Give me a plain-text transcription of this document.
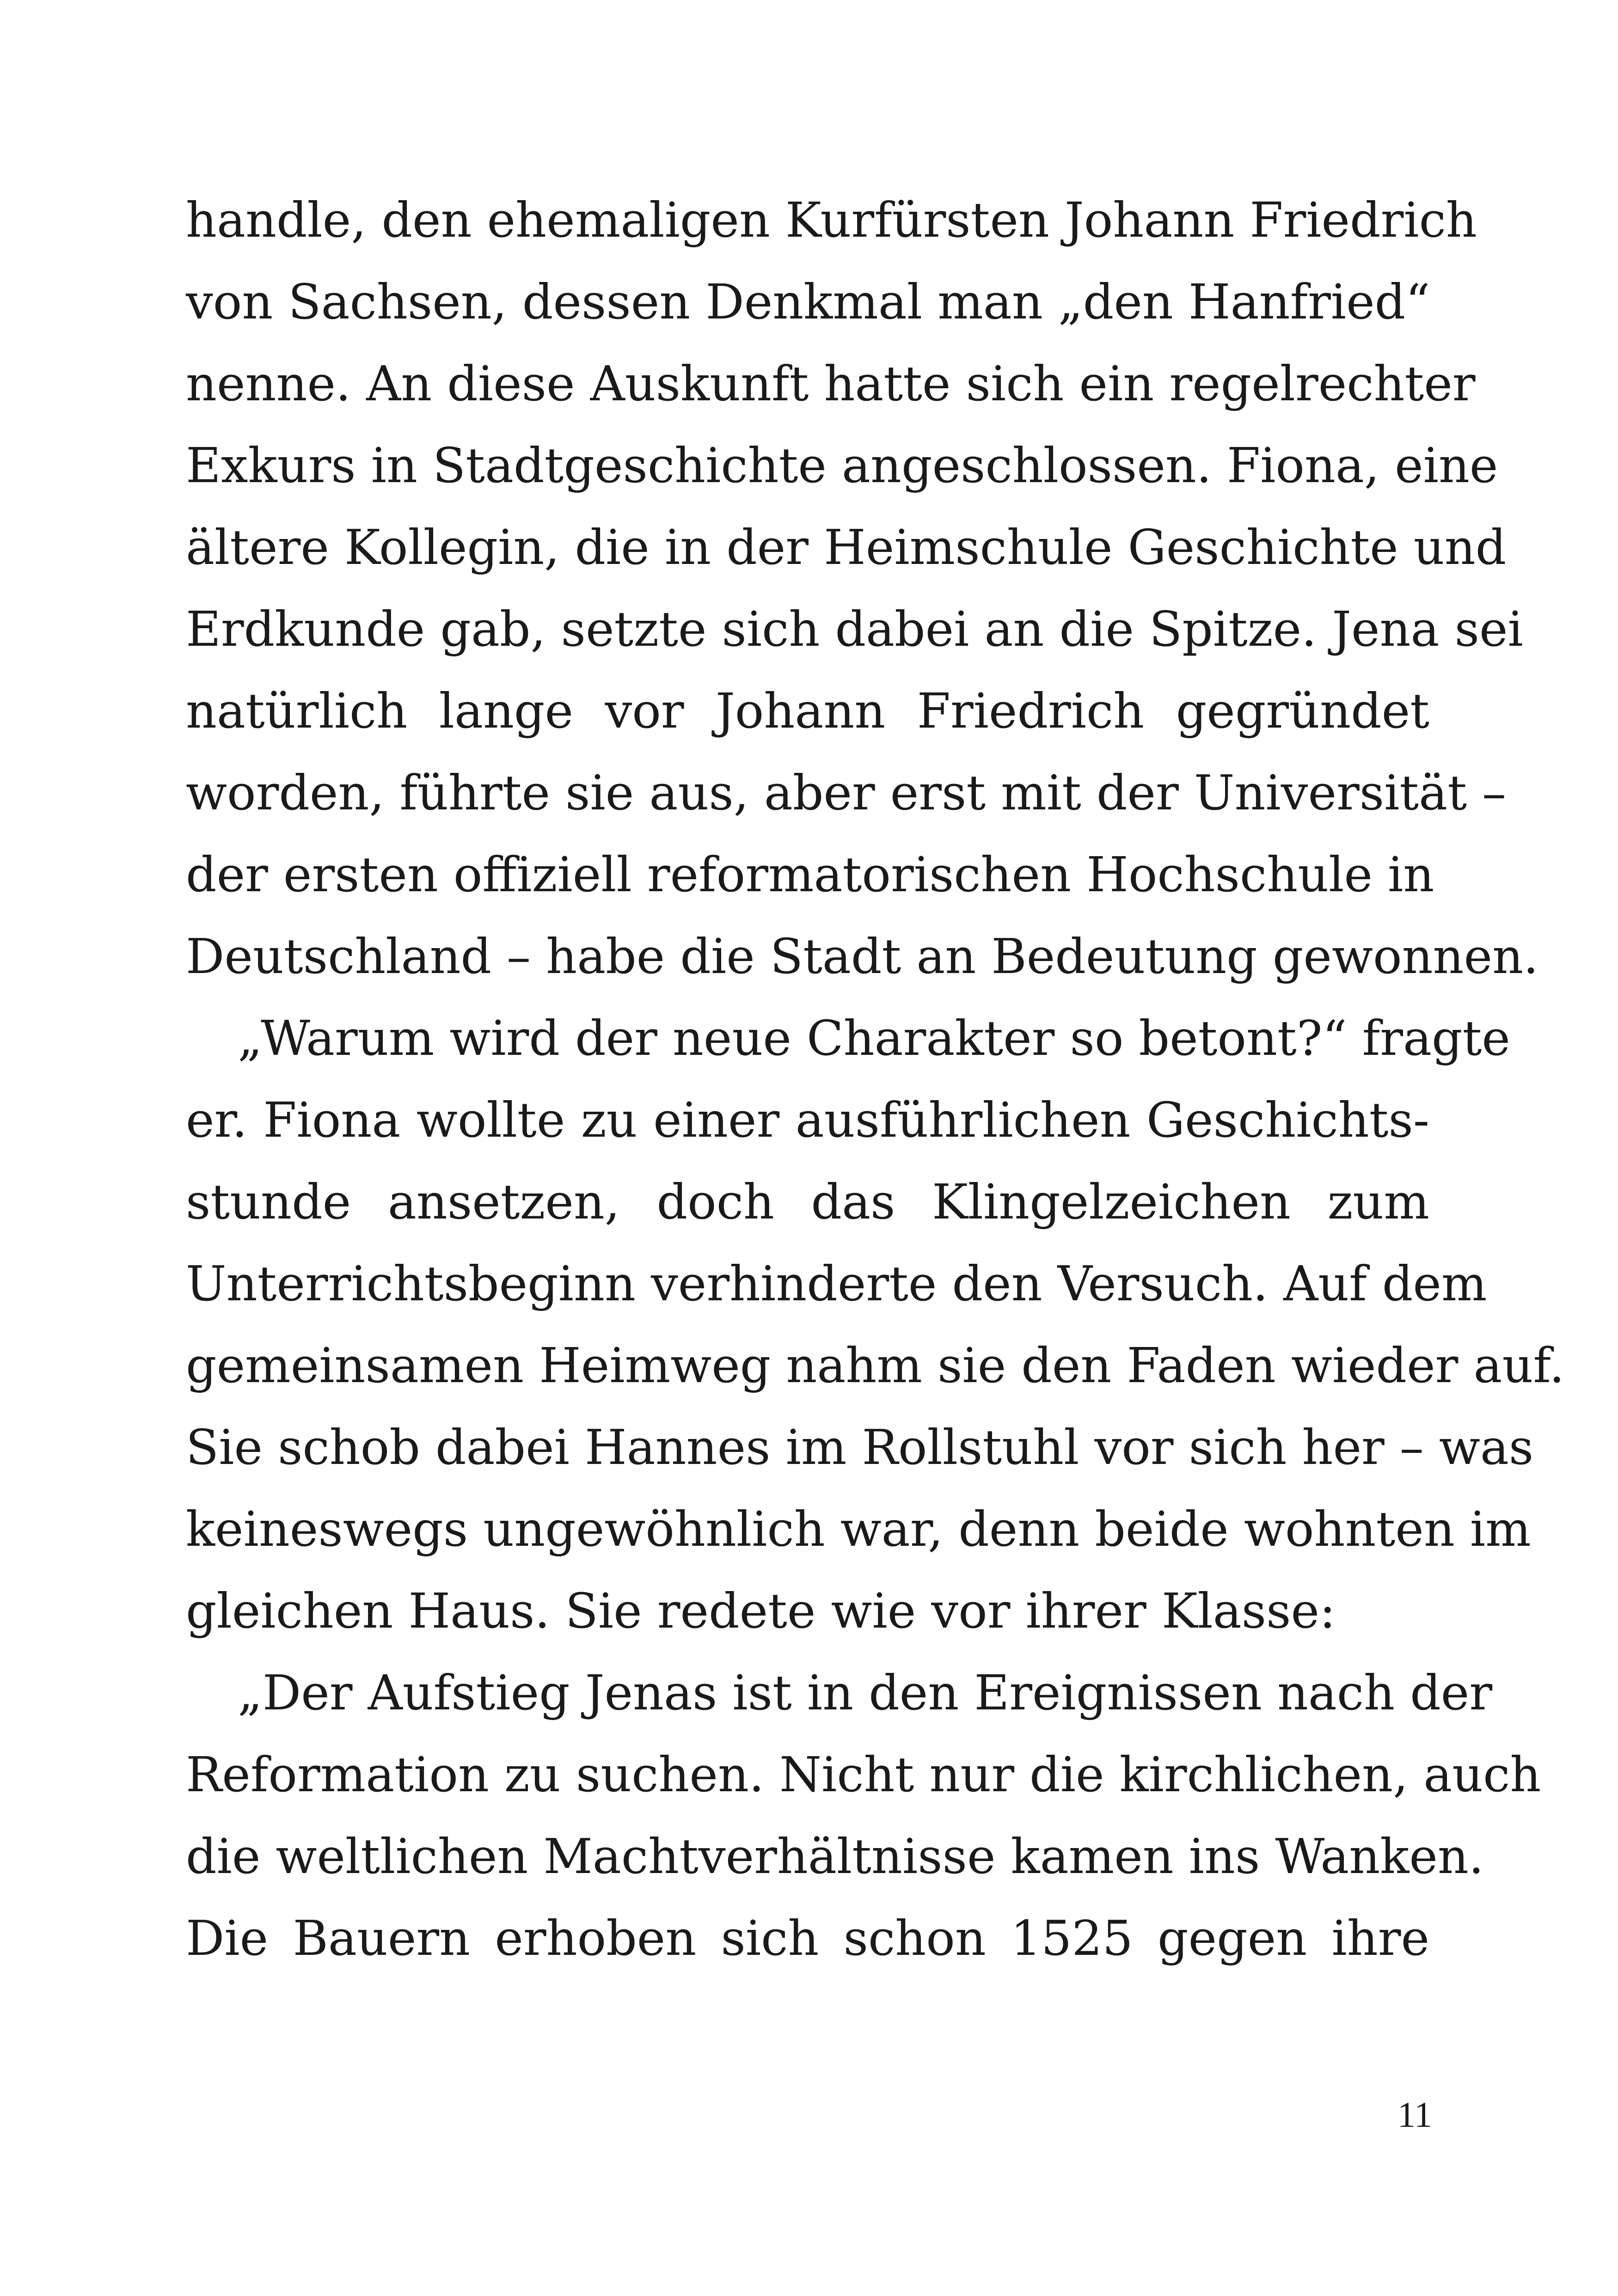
handle, den ehemaligen Kurfürsten Johann Friedrich
von Sachsen, dessen Denkmal man „den Hanfried“
nenne. An diese Auskunft hatte sich ein regelrechter
Exkurs in Stadtgeschichte angeschlossen. Fiona, eine
ältere Kollegin, die in der Heimschule Geschichte und
Erdkunde gab, setzte sich dabei an die Spitze. Jena sei
natürlich lange vor Johann Friedrich gegründet
worden, führte sie aus, aber erst mit der Universität –
der ersten offiziell reformatorischen Hochschule in
Deutschland – habe die Stadt an Bedeutung gewonnen.

„Warum wird der neue Charakter so betont?“ fragte
er. Fiona wollte zu einer ausführlichen Geschichts-
stunde ansetzen, doch das Klingelzeichen zum
Unterrichtsbeginn verhinderte den Versuch. Auf dem
gemeinsamen Heimweg nahm sie den Faden wieder auf.
Sie schob dabei Hannes im Rollstuhl vor sich her – was
keineswegs ungewöhnlich war, denn beide wohnten im
gleichen Haus. Sie redete wie vor ihrer Klasse:

„Der Aufstieg Jenas ist in den Ereignissen nach der
Reformation zu suchen. Nicht nur die kirchlichen, auch
die weltlichen Machtverhältnisse kamen ins Wanken.
Die Bauern erhoben sich schon 1525 gegen ihre

11
